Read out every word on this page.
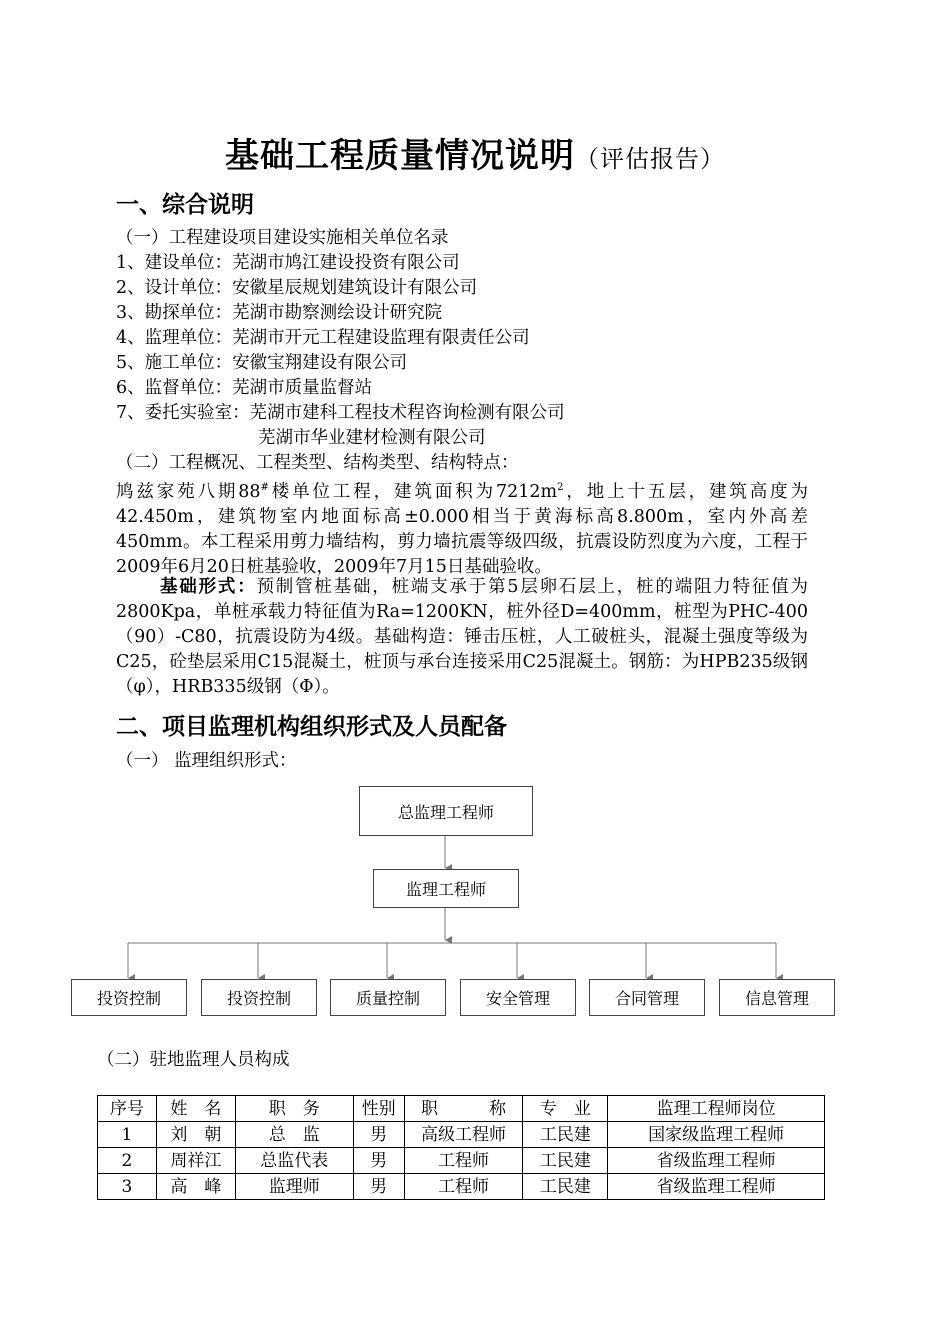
基础工程质量情况说明（评估报告）
一、综合说明
（一）工程建设项目建设实施相关单位名录
1、建设单位：芜湖市鸠江建设投资有限公司
2、设计单位：安徽星辰规划建筑设计有限公司
3、勘探单位：芜湖市勘察测绘设计研究院
4、监理单位：芜湖市开元工程建设监理有限责任公司
5、施工单位：安徽宝翔建设有限公司
6、监督单位：芜湖市质量监督站
7、委托实验室：芜湖市建科工程技术程咨询检测有限公司
芜湖市华业建材检测有限公司
（二）工程概况、工程类型、结构类型、结构特点：
鸠兹家苑八期88#楼单位工程，建筑面积为$7212m^2$，地上十五层，建筑高度为42.450m，建筑物室内地面标高±0.000相当于黄海标高8.800m，室内外高差450mm。本工程采用剪力墙结构，剪力墙抗震等级四级，抗震设防烈度为六度，工程于2009年6月20日桩基验收，2009年7月15日基础验收。
基础形式：预制管桩基础，桩端支承于第5层卵石层上，桩的端阻力特征值为2800Kpa，单桩承载力特征值为Ra=1200KN，桩外径D=400mm，桩型为PHC-400（90）-C80，抗震设防为4级。基础构造：锤击压桩，人工破桩头，混凝土强度等级为C25，砼垫层采用C15混凝土，桩顶与承台连接采用C25混凝土。钢筋：为HPB235级钢（φ），HRB335级钢（Φ）。
二、项目监理机构组织形式及人员配备
（一） 监理组织形式：
总监理工程师
监理工程师
投资控制	投资控制	质量控制	安全管理	合同管理	信息管理
（二）驻地监理人员构成
序号	姓　名	职　务	性别	职　　　称	专　业	监理工程师岗位
1	刘　朝	总　监	男	高级工程师	工民建	国家级监理工程师
2	周祥江	总监代表	男	工程师	工民建	省级监理工程师
3	高　峰	监理师	男	工程师	工民建	省级监理工程师
